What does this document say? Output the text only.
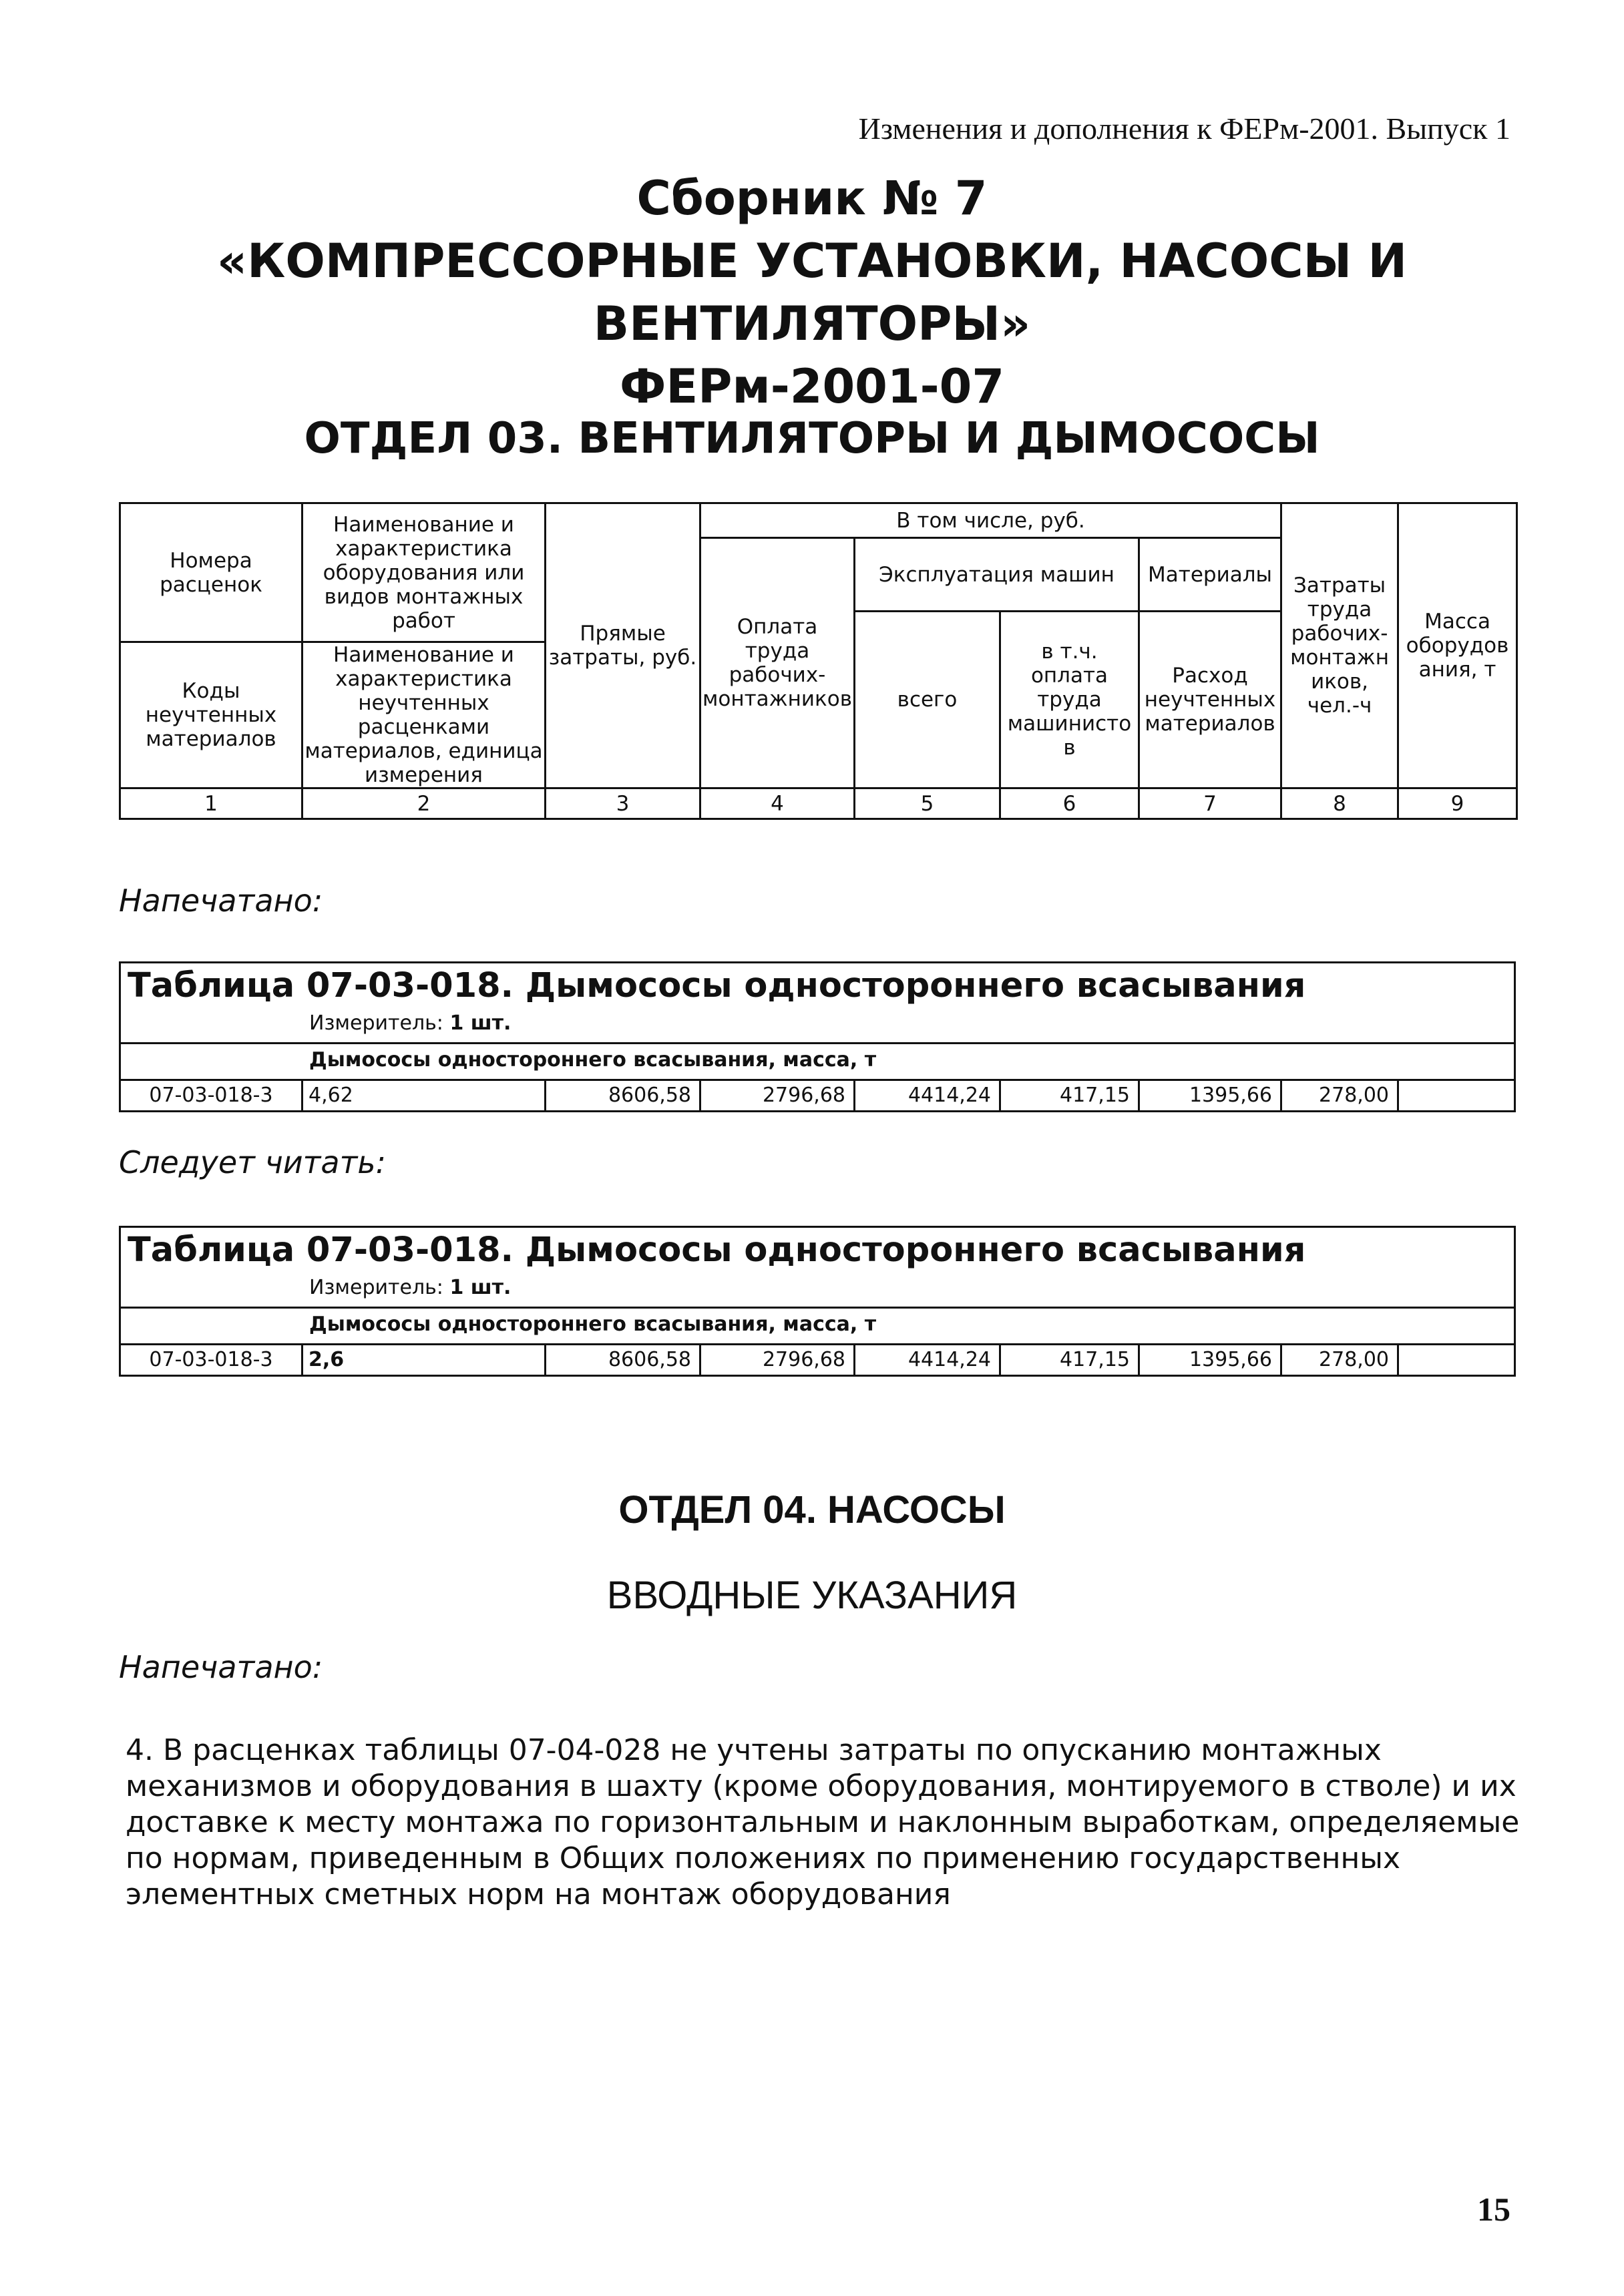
Изменения и дополнения к ФЕРм-2001. Выпуск 1
Сборник № 7
«КОМПРЕССОРНЫЕ УСТАНОВКИ, НАСОСЫ И
ВЕНТИЛЯТОРЫ»
ФЕРм-2001-07
ОТДЕЛ 03. ВЕНТИЛЯТОРЫ И ДЫМОСОСЫ
Номера расценок	Наименование и характеристика оборудования или видов монтажных работ	Прямые затраты, руб.	В том числе, руб.				Затраты труда рабочих-монтажников, чел.-ч	Масса оборудования, т
			Оплата труда рабочих-монтажников	Эксплуатация машин		Материалы		
				всего	в т.ч. оплата труда машинистов	Расход неучтенных материалов		
Коды неучтенных материалов	Наименование и характеристика неучтенных расценками материалов, единица измерения							

1	2	3	4	5	6	7	8	9
Напечатано:
Таблица 07-03-018. Дымососы одностороннего всасывания
Измеритель: 1 шт.
Дымососы одностороннего всасывания, масса, т
07-03-018-3	4,62	8606,58	2796,68	4414,24	417,15	1395,66	278,00
Следует читать:
Таблица 07-03-018. Дымососы одностороннего всасывания
Измеритель: 1 шт.
Дымососы одностороннего всасывания, масса, т
07-03-018-3	2,6	8606,58	2796,68	4414,24	417,15	1395,66	278,00
ОТДЕЛ 04. НАСОСЫ
ВВОДНЫЕ УКАЗАНИЯ
Напечатано:
4. В расценках таблицы 07-04-028 не учтены затраты по опусканию монтажных механизмов и оборудования в шахту (кроме оборудования, монтируемого в стволе) и их доставке к месту монтажа по горизонтальным и наклонным выработкам, определяемые по нормам, приведенным в Общих положениях по применению государственных элементных сметных норм на монтаж оборудования
15
